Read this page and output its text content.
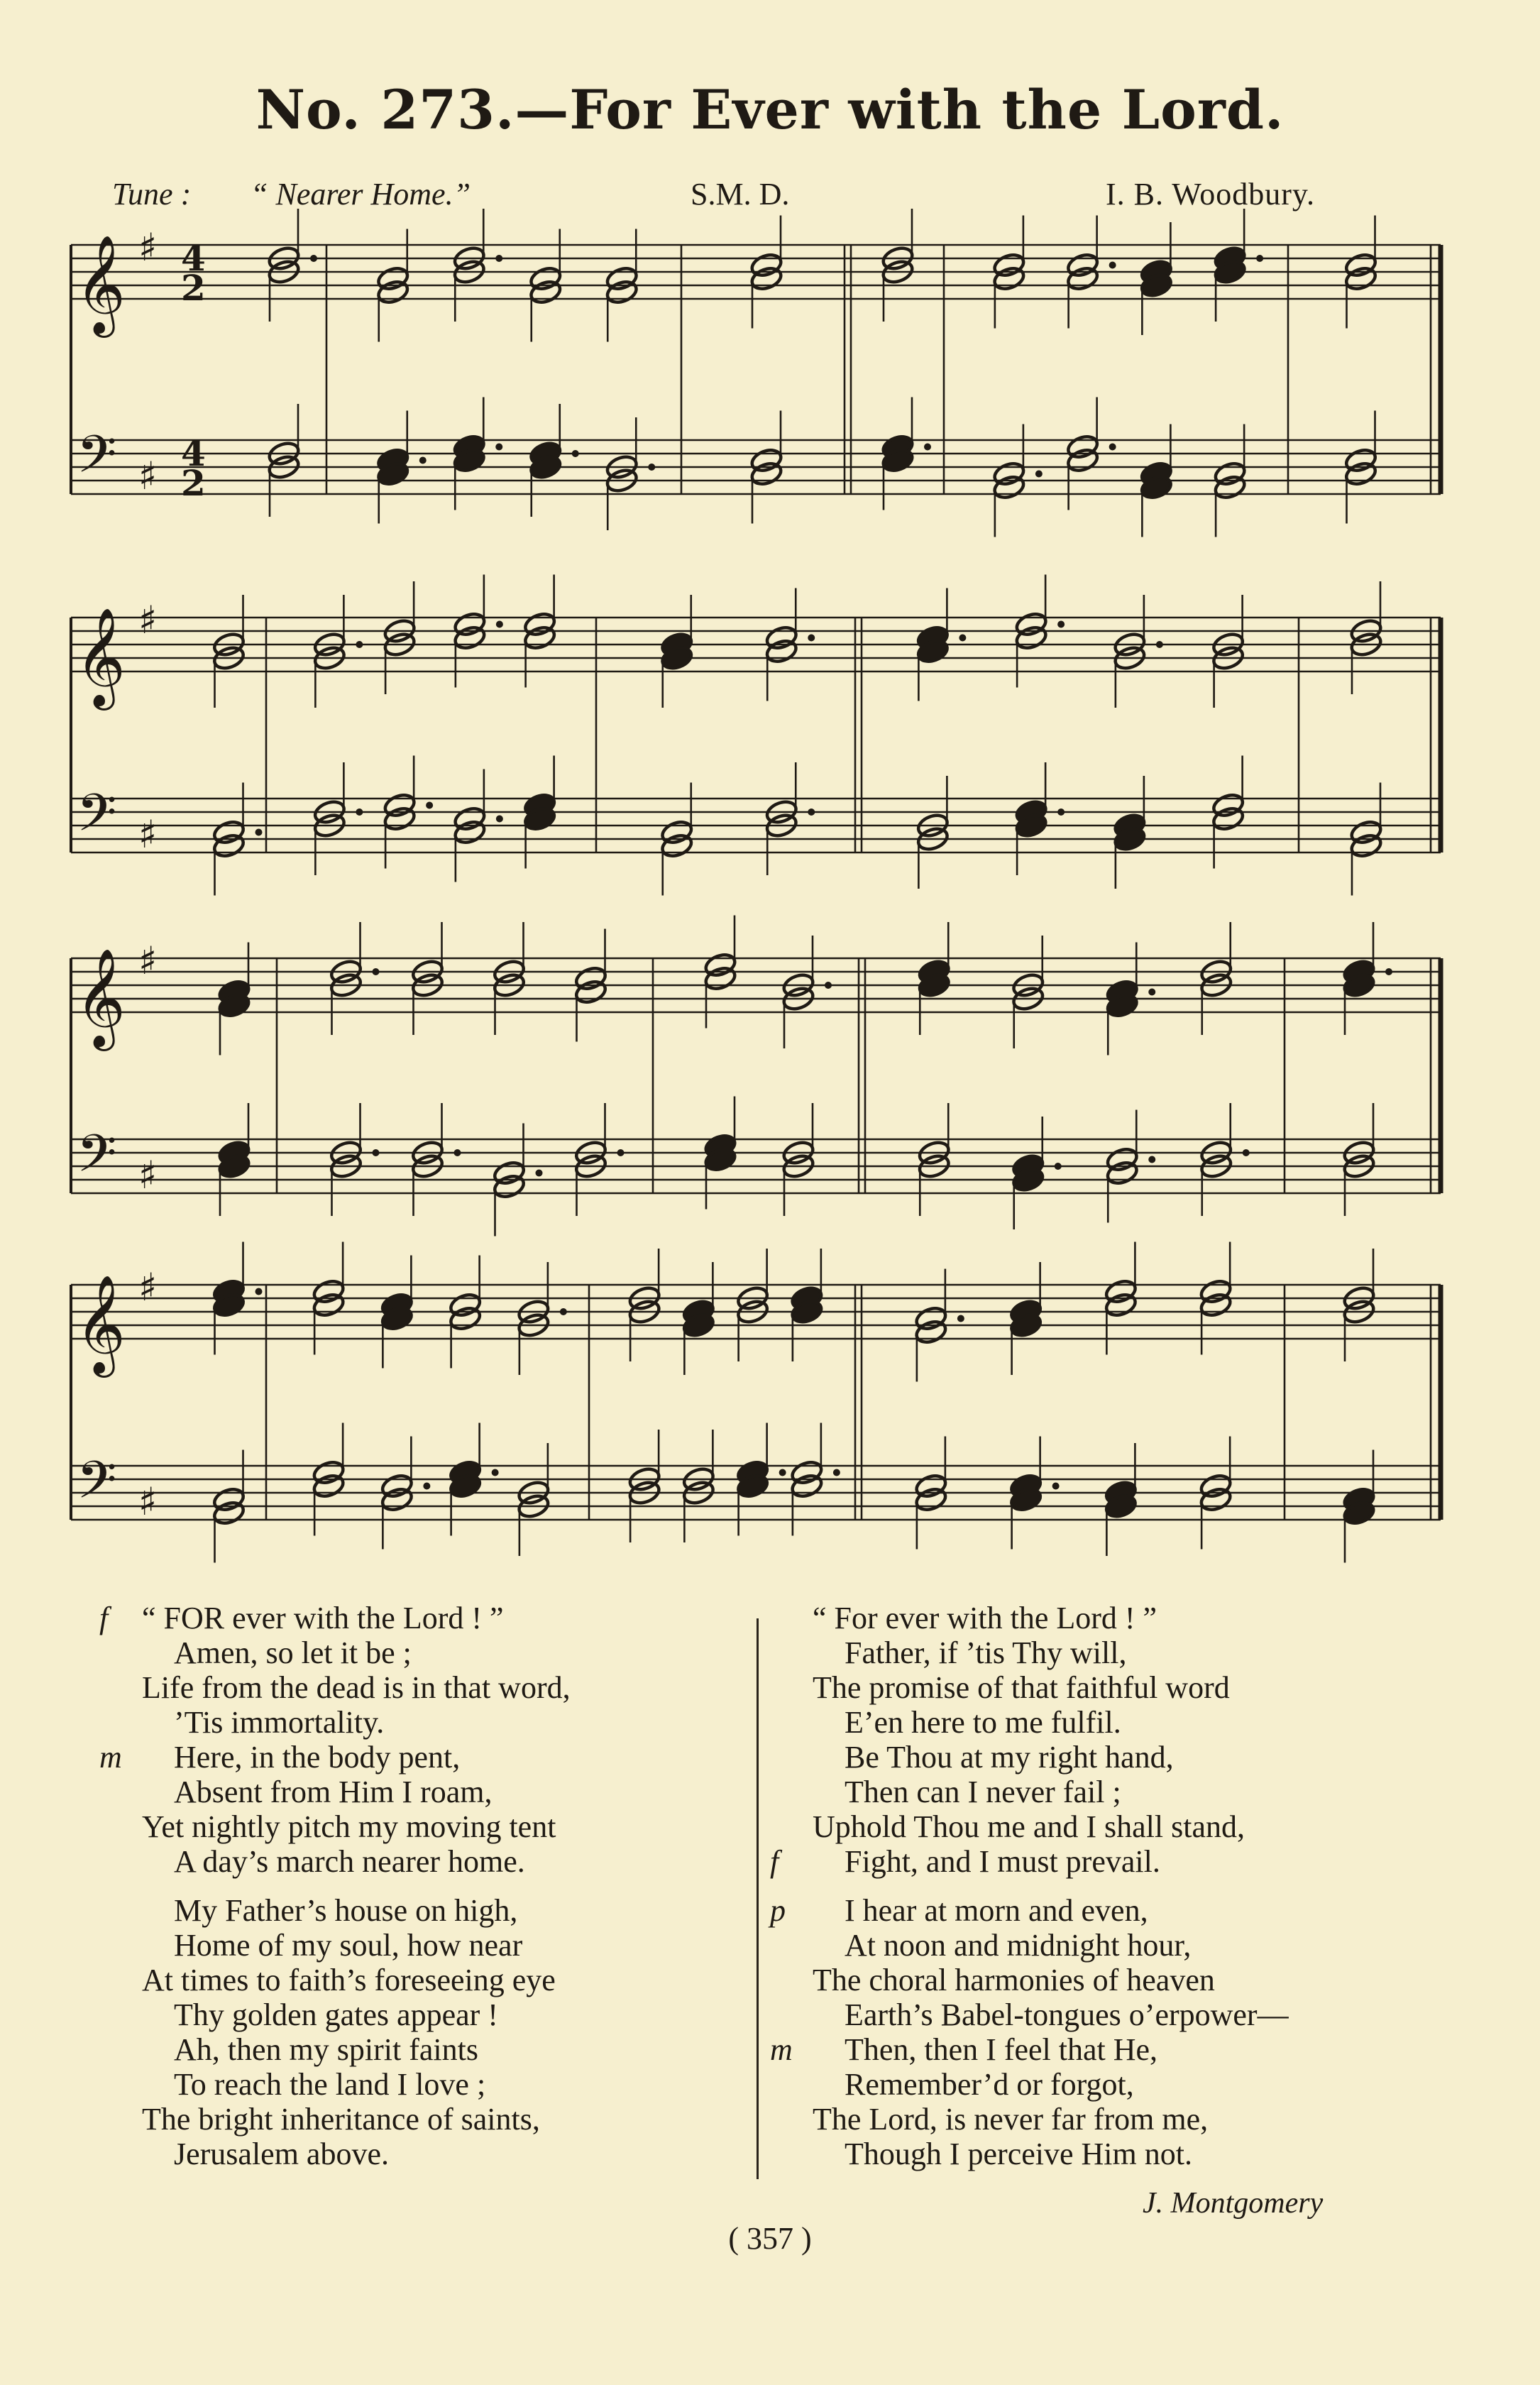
No. 273.—For Ever with the Lord.
Tune : “ Nearer Home.”	S.M. D.	I. B. Woodbury.
𝄞 ♯ 4
2
𝄢 ♯
4
2
𝄞 ♯
𝄢 ♯
𝄞 ♯
𝄢 ♯
𝄞 ♯
𝄢 ♯
f “ FOR ever with the Lord ! ”
Amen, so let it be ;
Life from the dead is in that word,
’Tis immortality.
m Here, in the body pent,
Absent from Him I roam,
Yet nightly pitch my moving tent
A day’s march nearer home.
My Father’s house on high,
Home of my soul, how near
At times to faith’s foreseeing eye
Thy golden gates appear !
Ah, then my spirit faints
To reach the land I love ;
The bright inheritance of saints,
Jerusalem above.
“ For ever with the Lord ! ”
Father, if ’tis Thy will,
The promise of that faithful word
E’en here to me fulfil.
Be Thou at my right hand,
Then can I never fail ;
Uphold Thou me and I shall stand,
f Fight, and I must prevail.
p I hear at morn and even,
At noon and midnight hour,
The choral harmonies of heaven
Earth’s Babel-tongues o’erpower—
m Then, then I feel that He,
Remember’d or forgot,
The Lord, is never far from me,
Though I perceive Him not.
J. Montgomery
( 357 )
